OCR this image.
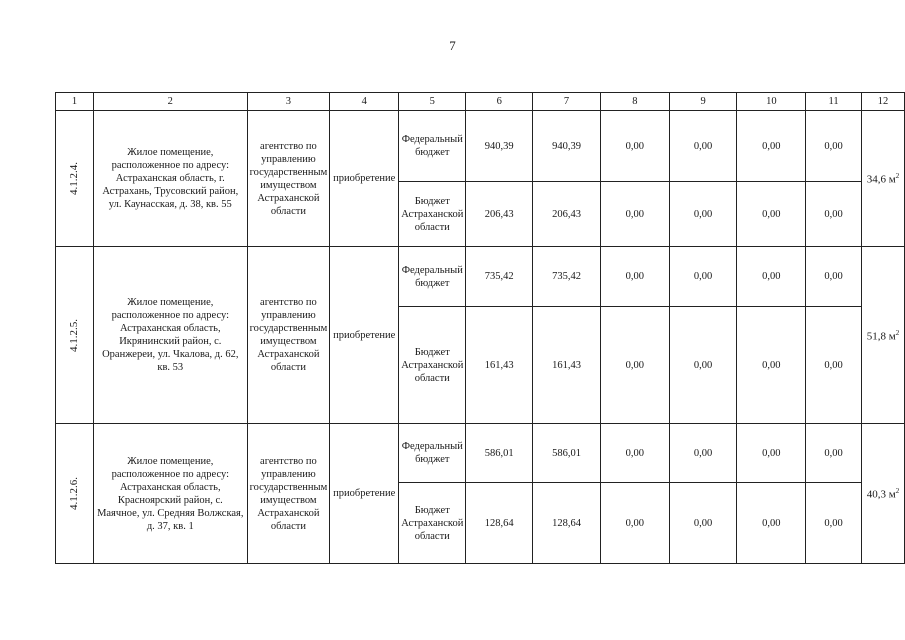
7
1	2	3	4	5	6	7	8	9	10	11	12
4.1.2.4.	Жилое помещение, расположенное по адресу: Астраханская область, г. Астрахань, Трусовский район, ул. Каунасская, д. 38, кв. 55	агентство по управлению государственным имуществом Астраханской области	приобретение	Федеральный бюджет	940,39	940,39	0,00	0,00	0,00	0,00	34,6 $м^2$
				Бюджет Астраханской области	206,43	206,43	0,00	0,00	0,00	0,00	
4.1.2.5.	Жилое помещение, расположенное по адресу: Астраханская область, Икрянинский район, с. Оранжереи, ул. Чкалова, д. 62, кв. 53	агентство по управлению государственным имуществом Астраханской области	приобретение	Федеральный бюджет	735,42	735,42	0,00	0,00	0,00	0,00	51,8 $м^2$
				Бюджет Астраханской области	161,43	161,43	0,00	0,00	0,00	0,00	
4.1.2.6.	Жилое помещение, расположенное по адресу: Астраханская область, Красноярский район, с. Маячное, ул. Средняя Волжская, д. 37, кв. 1	агентство по управлению государственным имуществом Астраханской области	приобретение	Федеральный бюджет	586,01	586,01	0,00	0,00	0,00	0,00	40,3 $м^2$
				Бюджет Астраханской области	128,64	128,64	0,00	0,00	0,00	0,00	
